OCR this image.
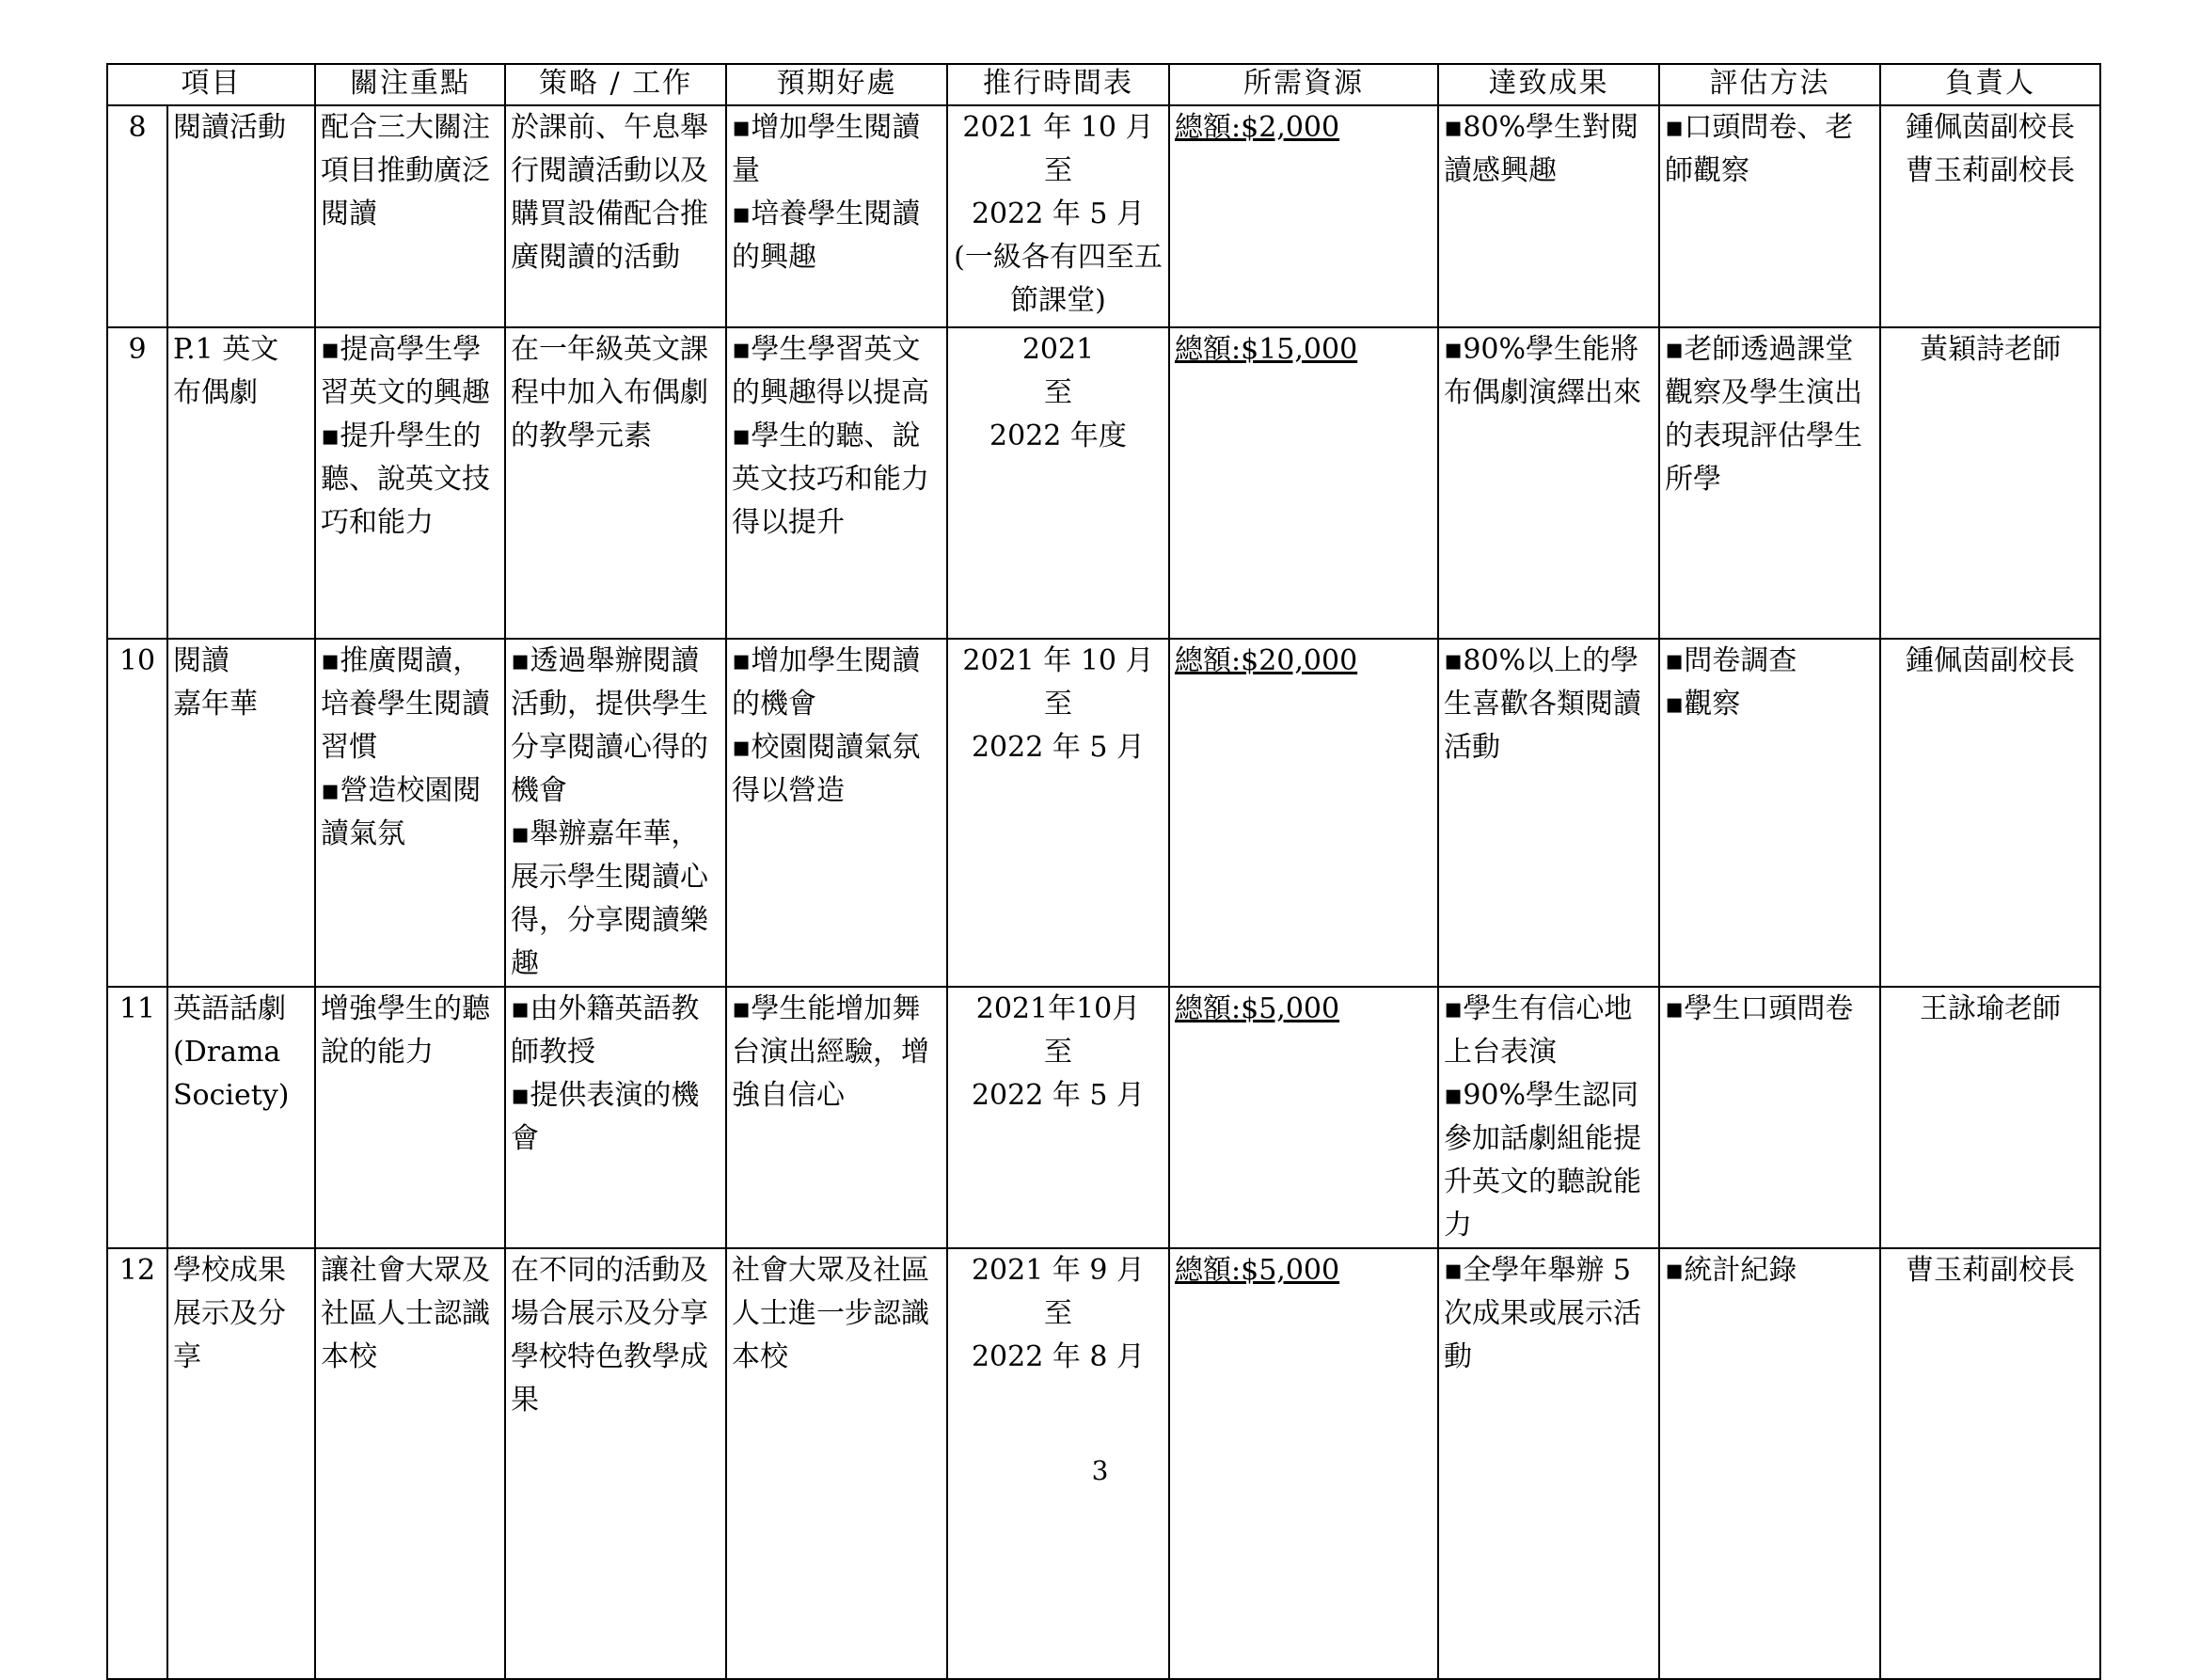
項目		關注重點	策略 / 工作	預期好處	推行時間表	所需資源	達致成果	評估方法	負責人
8	閱讀活動	配合三大關注項目推動廣泛閱讀	於課前、午息舉行閱讀活動以及購買設備配合推廣閱讀的活動	▪增加學生閱讀量
▪培養學生閱讀的興趣	2021 年 10 月
至
2022 年 5 月
(一級各有四至五節課堂)	總額:$2,000	▪80%學生對閱讀感興趣	▪口頭問卷、老師觀察	鍾佩茵副校長
曹玉莉副校長

9	P.1 英文
布偶劇	▪提高學生學習英文的興趣
▪提升學生的聽、說英文技巧和能力	在一年級英文課程中加入布偶劇的教學元素	▪學生學習英文的興趣得以提高
▪學生的聽、說英文技巧和能力得以提升	2021
至
2022 年度	總額:$15,000	▪90%學生能將布偶劇演繹出來	▪老師透過課堂觀察及學生演出的表現評估學生所學	黃穎詩老師

10	閱讀
嘉年華	▪推廣閱讀，培養學生閱讀習慣
▪營造校園閱讀氣氛	▪透過舉辦閱讀活動，提供學生分享閱讀心得的機會
▪舉辦嘉年華，展示學生閱讀心得，分享閱讀樂趣	▪增加學生閱讀的機會
▪校園閱讀氣氛得以營造	2021 年 10 月
至
2022 年 5 月	總額:$20,000	▪80%以上的學生喜歡各類閱讀活動	▪問卷調查
▪觀察	鍾佩茵副校長

11	英語話劇
(Drama
Society)	增強學生的聽說的能力	▪由外籍英語教師教授
▪提供表演的機會	▪學生能增加舞台演出經驗，增強自信心	2021年10月
至
2022 年 5 月	總額:$5,000	▪學生有信心地上台表演
▪90%學生認同參加話劇組能提升英文的聽說能力	▪學生口頭問卷	王詠瑜老師

12	學校成果展示及分享	讓社會大眾及社區人士認識本校	在不同的活動及場合展示及分享學校特色教學成果	社會大眾及社區人士進一步認識本校	2021 年 9 月
至
2022 年 8 月	總額:$5,000	▪全學年舉辦 5 次成果或展示活動	▪統計紀錄	曹玉莉副校長
3
